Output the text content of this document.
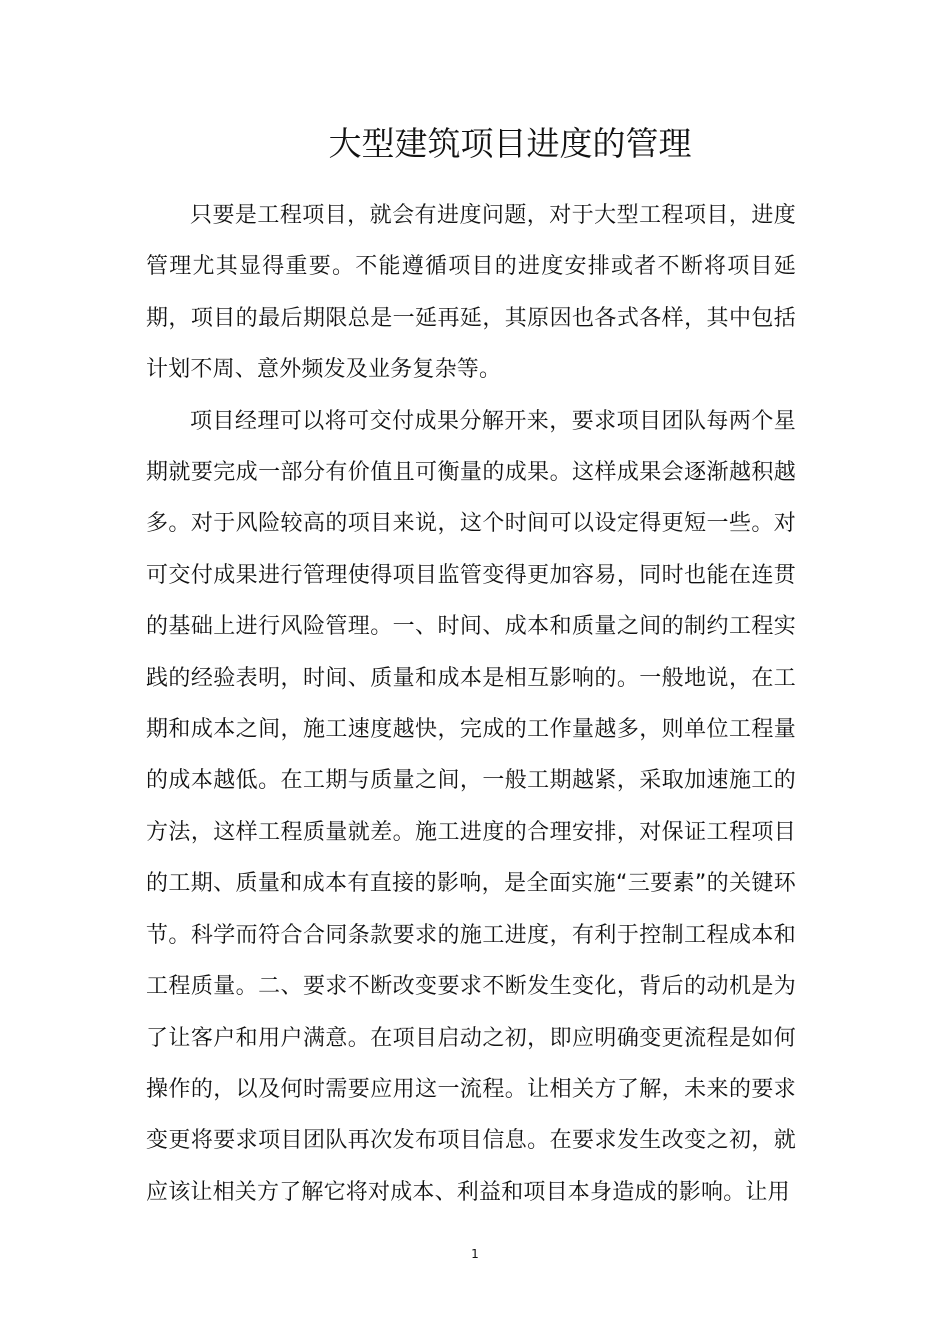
大型建筑项目进度的管理

只要是工程项目，就会有进度问题，对于大型工程项目，进度管理尤其显得重要。不能遵循项目的进度安排或者不断将项目延期，项目的最后期限总是一延再延，其原因也各式各样，其中包括计划不周、意外频发及业务复杂等。

项目经理可以将可交付成果分解开来，要求项目团队每两个星期就要完成一部分有价值且可衡量的成果。这样成果会逐渐越积越多。对于风险较高的项目来说，这个时间可以设定得更短一些。对可交付成果进行管理使得项目监管变得更加容易，同时也能在连贯的基础上进行风险管理。一、时间、成本和质量之间的制约工程实践的经验表明，时间、质量和成本是相互影响的。一般地说，在工期和成本之间，施工速度越快，完成的工作量越多，则单位工程量的成本越低。在工期与质量之间，一般工期越紧，采取加速施工的方法，这样工程质量就差。施工进度的合理安排，对保证工程项目的工期、质量和成本有直接的影响，是全面实施“三要素”的关键环节。科学而符合合同条款要求的施工进度，有利于控制工程成本和工程质量。二、要求不断改变要求不断发生变化，背后的动机是为了让客户和用户满意。在项目启动之初，即应明确变更流程是如何操作的，以及何时需要应用这一流程。让相关方了解，未来的要求变更将要求项目团队再次发布项目信息。在要求发生改变之初，就应该让相关方了解它将对成本、利益和项目本身造成的影响。让用

1
